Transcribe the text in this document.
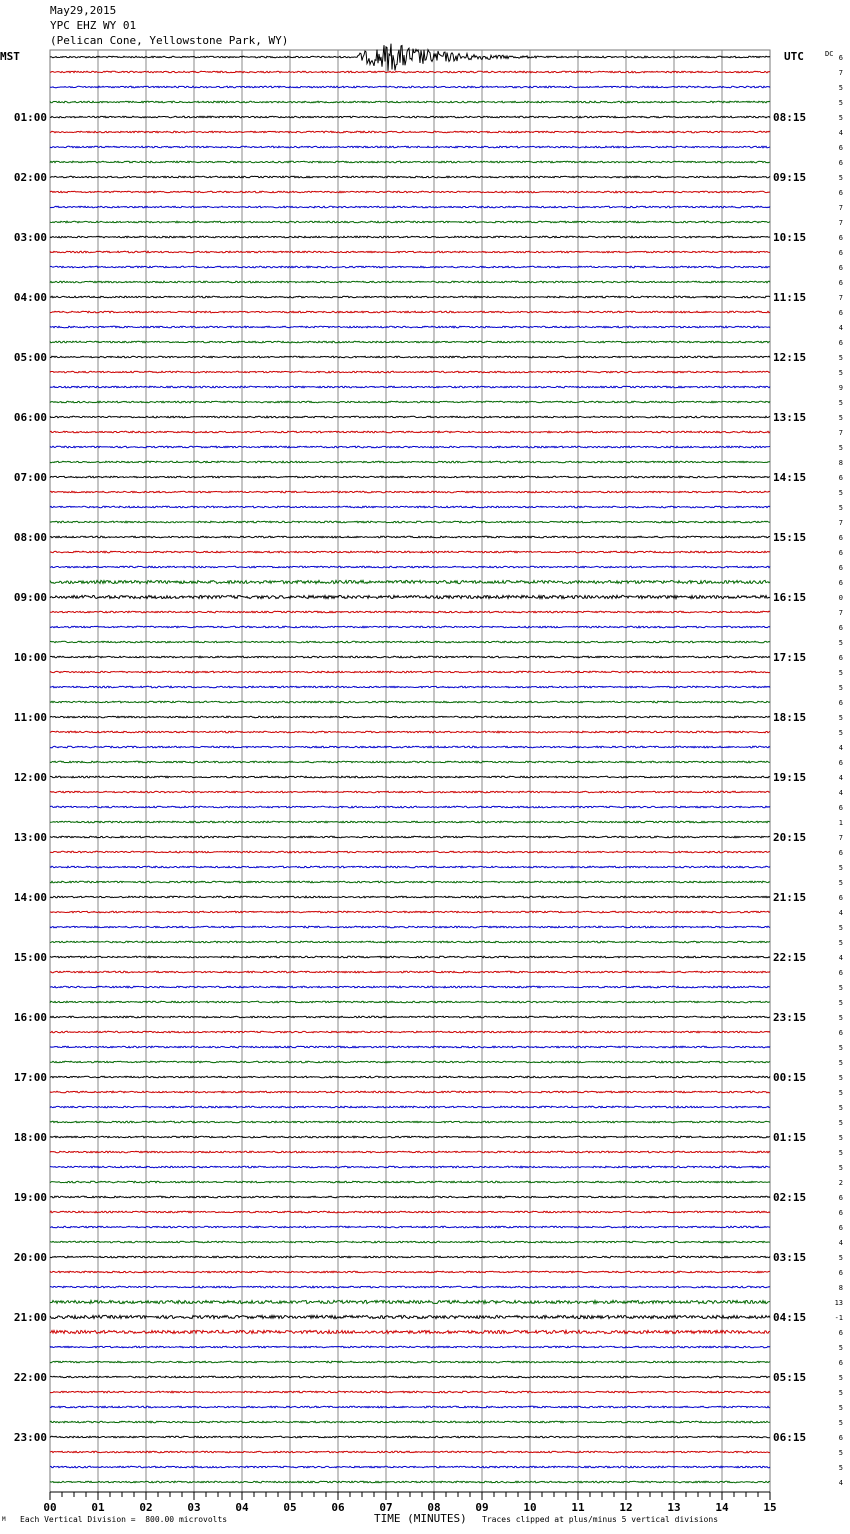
May29,2015
YPC EHZ WY 01
(Pelican Cone, Yellowstone Park, WY)
6
7
5
5
5
4
6
6
5
6
7
7
6
6
6
6
7
6
4
6
5
5
9
5
5
7
5
8
6
5
5
7
6
6
6
6
0
7
6
5
6
5
5
6
5
5
4
6
4
4
6
1
7
6
5
5
6
4
5
5
4
6
5
5
5
6
5
5
5
5
5
5
5
5
5
2
6
6
6
4
5
6
8
13
-1
6
5
6
5
5
5
5
6
5
5
4
MST	UTC	DC
01:00
02:00
03:00
04:00
05:00
06:00
07:00
08:00
09:00
10:00
11:00
12:00
13:00
14:00
15:00
16:00
17:00
18:00
19:00
20:00
21:00
22:00
23:00
08:15
09:15
10:15
11:15
12:15
13:15
14:15
15:15
16:15
17:15
18:15
19:15
20:15
21:15
22:15
23:15
00:15
01:15
02:15
03:15
04:15
05:15
06:15
00	01	02	03	04	05	06	07	08	09	10	11	12	13	14	15
Each Vertical Division =  800.00 microvolts	TIME (MINUTES) Traces clipped at plus/minus 5 vertical divisions
M
